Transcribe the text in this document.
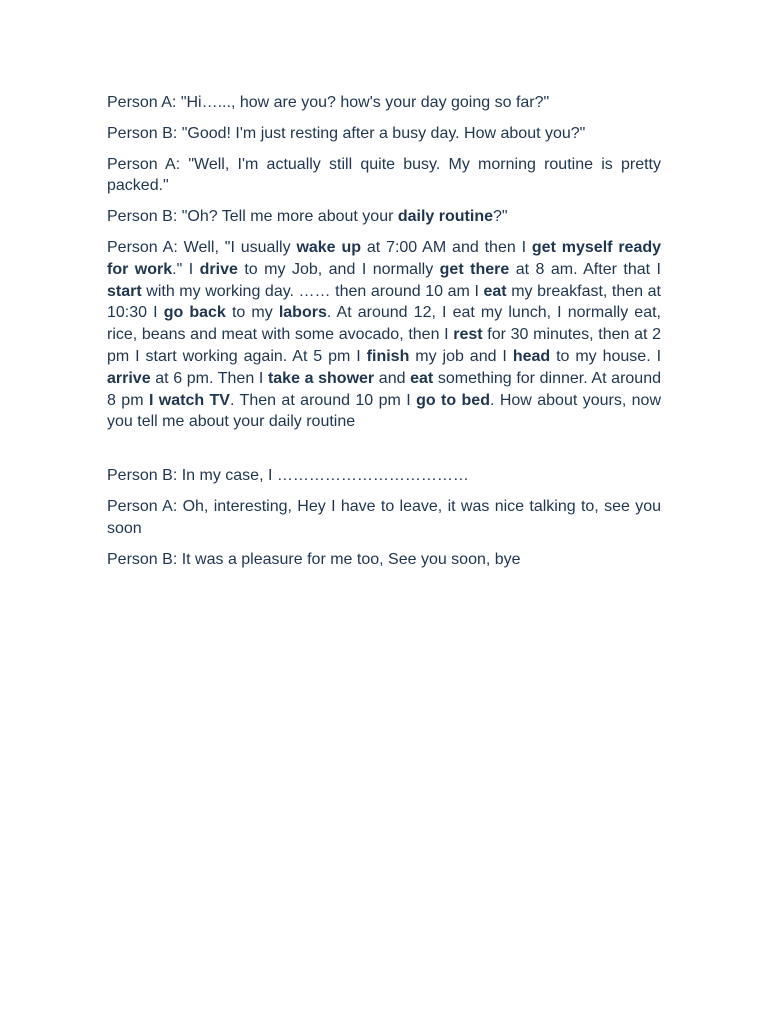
Person A: "Hi…..., how are you? how's your day going so far?"

Person B: "Good! I'm just resting after a busy day. How about you?"

Person A: "Well, I'm actually still quite busy. My morning routine is pretty packed."

Person B: "Oh? Tell me more about your daily routine?"

Person A: Well, "I usually wake up at 7:00 AM and then I get myself ready for work." I drive to my Job, and I normally get there at 8 am. After that I start with my working day. …… then around 10 am I eat my breakfast, then at 10:30 I go back to my labors. At around 12, I eat my lunch, I normally eat, rice, beans and meat with some avocado, then I rest for 30 minutes, then at 2 pm I start working again. At 5 pm I finish my job and I head to my house. I arrive at 6 pm. Then I take a shower and eat something for dinner. At around 8 pm I watch TV. Then at around 10 pm I go to bed. How about yours, now you tell me about your daily routine

Person B: In my case, I ………………………………

Person A: Oh, interesting, Hey I have to leave, it was nice talking to, see you soon

Person B: It was a pleasure for me too, See you soon, bye
